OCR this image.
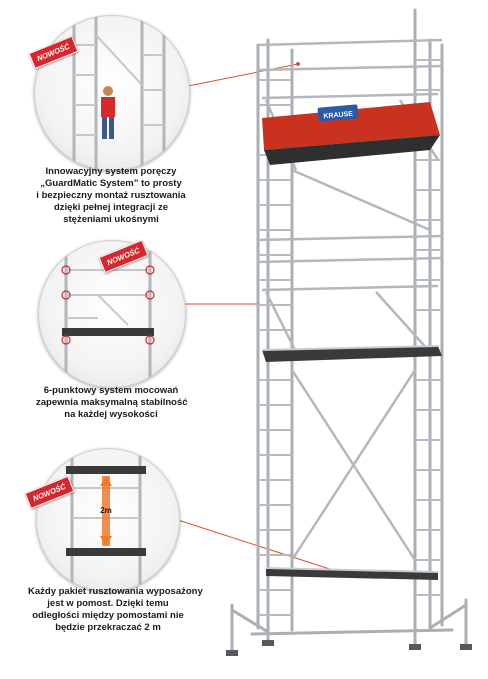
KRAUSE
NOWOŚĆ
NOWOŚĆ
2m
NOWOŚĆ
Innowacyjny system poręczy
„GuardMatic System” to prosty
i bezpieczny montaż rusztowania
dzięki pełnej integracji ze
stężeniami ukośnymi
6-punktowy system mocowań
zapewnia maksymalną stabilność
na każdej wysokości
Każdy pakiet rusztowania wyposażony
jest w pomost. Dzięki temu
odległości między pomostami nie
będzie przekraczać 2 m
